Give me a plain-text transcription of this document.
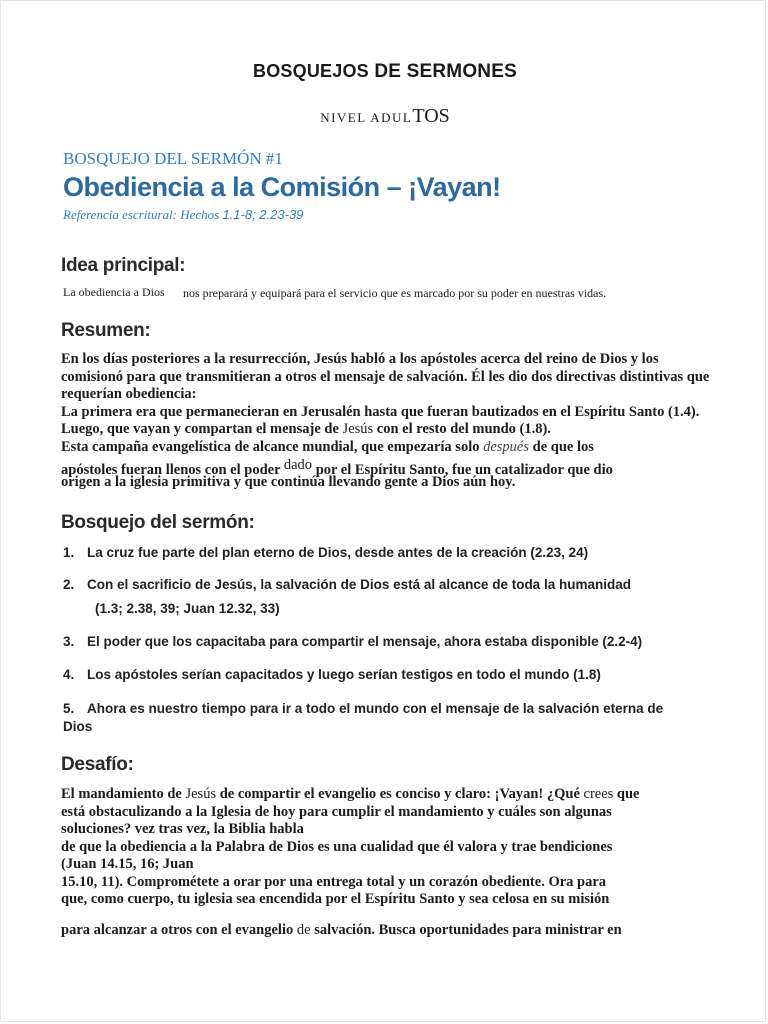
BOSQUEJOS DE SERMONES
NIVEL ADULTOS
BOSQUEJO DEL SERMÓN #1
Obediencia a la Comisión – ¡Vayan!
Referencia escritural: Hechos 1.1-8; 2.23-39
Idea principal:
La obediencia a Dios	nos preparará y equipará para el servicio que es marcado por su poder en nuestras vidas.
Resumen:

En los días posteriores a la resurrección, Jesús habló a los apóstoles acerca del reino de Dios y los comisionó para que transmitieran a otros el mensaje de salvación. Él les dio dos directivas distintivas que requerían obediencia:

La primera era que permanecieran en Jerusalén hasta que fueran bautizados en el Espíritu Santo (1.4). Luego, que vayan y compartan el mensaje de Jesús con el resto del mundo (1.8).

Esta campaña evangelística de alcance mundial, que empezaría solo después de que los

apóstoles fueran llenos con el poder dado por el Espíritu Santo, fue un catalizador que dio
origen a la iglesia primitiva y que continúa llevando gente a Dios aún hoy.
Bosquejo del sermón:
1. La cruz fue parte del plan eterno de Dios, desde antes de la creación (2.23, 24)
2. Con el sacrificio de Jesús, la salvación de Dios está al alcance de toda la humanidad
(1.3; 2.38, 39; Juan 12.32, 33)
3. El poder que los capacitaba para compartir el mensaje, ahora estaba disponible (2.2-4)
4. Los apóstoles serían capacitados y luego serían testigos en todo el mundo (1.8)
5. Ahora es nuestro tiempo para ir a todo el mundo con el mensaje de la salvación eterna de
Dios
Desafío:

El mandamiento de Jesús de compartir el evangelio es conciso y claro: ¡Vayan! ¿Qué crees que

está obstaculizando a la Iglesia de hoy para cumplir el mandamiento y cuáles son algunas

soluciones? vez tras vez, la Biblia habla

de que la obediencia a la Palabra de Dios es una cualidad que él valora y trae bendiciones

(Juan 14.15, 16; Juan

15.10, 11). Comprométete a orar por una entrega total y un corazón obediente. Ora para

que, como cuerpo, tu iglesia sea encendida por el Espíritu Santo y sea celosa en su misión

para alcanzar a otros con el evangelio de salvación. Busca oportunidades para ministrar en
